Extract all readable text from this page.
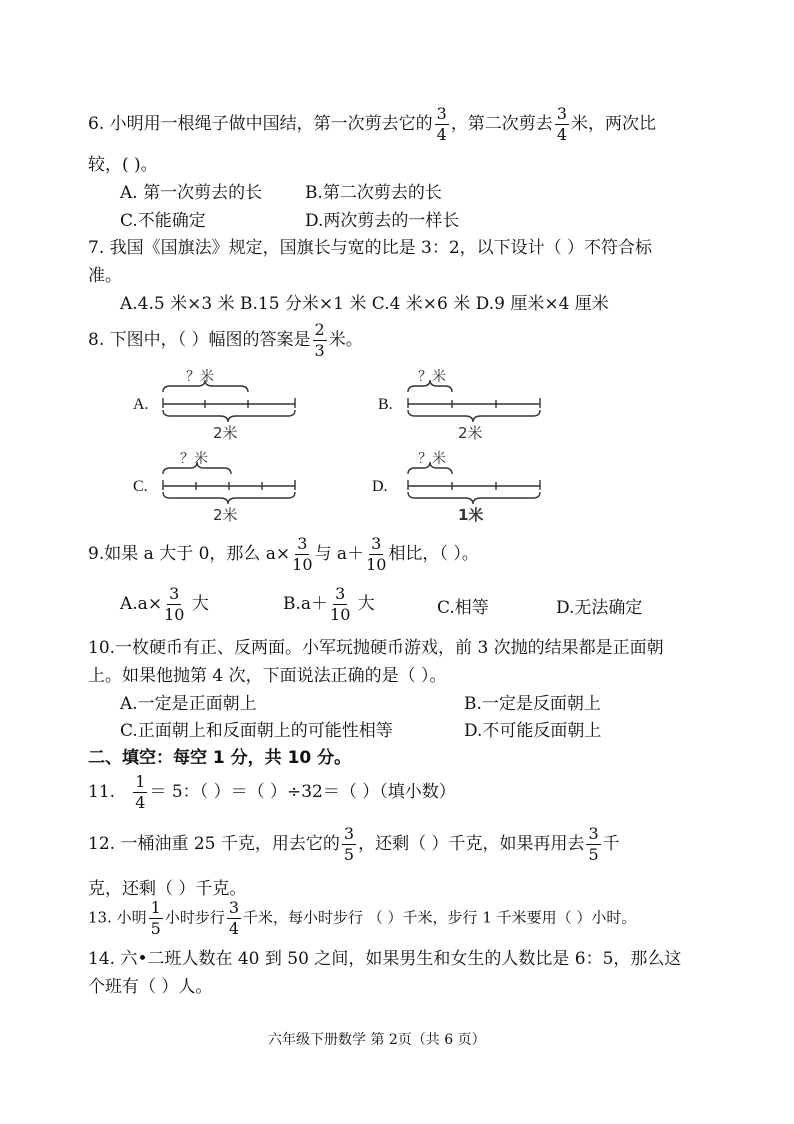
6. 小明用一根绳子做中国结，第一次剪去它的 $\frac{3}{4}$ ，第二次剪去 $\frac{3}{4}$ 米，两次比
较，( )。
A. 第一次剪去的长	B.第二次剪去的长
C.不能确定	D.两次剪去的一样长
7. 我国《国旗法》规定，国旗长与宽的比是 3：2，以下设计（ ）不符合标
准。
A.4.5 米×3 米 B.15 分米×1 米 C.4 米×6 米 D.9 厘米×4 厘米
8. 下图中，（ ）幅图的答案是 $\frac{2}{3}$ 米。
A.
？米
2米
B.
？米
2米
C.
？米
2米
D.
？米
1米
9.如果 a 大于 0，那么 $a\times \frac{3}{10}$ 与 $a+ \frac{3}{10}$ 相比，（ ）。
$A.a\times \frac{3}{10}$ 大	$B.a+ \frac{3}{10}$ 大	C.相等	D.无法确定
10.一枚硬币有正、反两面。小军玩抛硬币游戏，前 3 次抛的结果都是正面朝
上。如果他抛第 4 次，下面说法正确的是（ ）。
A.一定是正面朝上	B.一定是反面朝上
C.正面朝上和反面朝上的可能性相等	D.不可能反面朝上
二、填空：每空 1 分，共 10 分。
11. $\frac{1}{4} = 5$：（ ）＝（ ）÷32＝（ ）（填小数）
12. 一桶油重 25 千克，用去它的 $\frac{3}{5}$ ，还剩（ ）千克，如果再用去 $\frac{3}{5}$ 千
克，还剩（ ）千克。
13. 小明 $\frac{1}{5}$ 小时步行 $\frac{3}{4}$ 千米，每小时步行 （ ）千米，步行 1 千米要用（ ）小时。
14. 六•二班人数在 40 到 50 之间，如果男生和女生的人数比是 6：5，那么这
个班有（ ）人。
六年级下册数学 第 2页（共 6 页）
